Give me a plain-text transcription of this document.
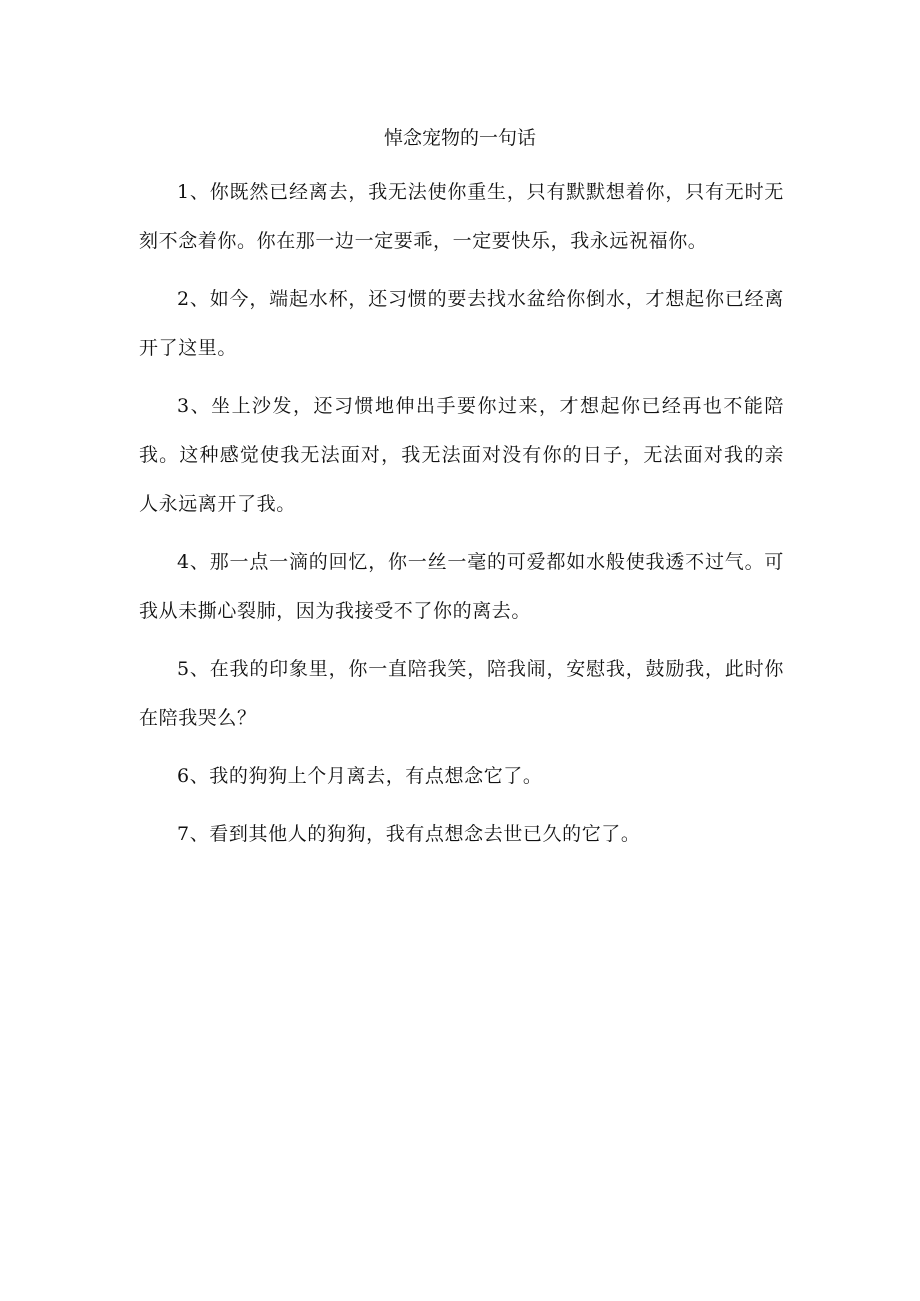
悼念宠物的一句话

1、你既然已经离去，我无法使你重生，只有默默想着你，只有无时无刻不念着你。你在那一边一定要乖，一定要快乐，我永远祝福你。

2、如今，端起水杯，还习惯的要去找水盆给你倒水，才想起你已经离开了这里。

3、坐上沙发，还习惯地伸出手要你过来，才想起你已经再也不能陪我。这种感觉使我无法面对，我无法面对没有你的日子，无法面对我的亲人永远离开了我。

4、那一点一滴的回忆，你一丝一毫的可爱都如水般使我透不过气。可我从未撕心裂肺，因为我接受不了你的离去。

5、在我的印象里，你一直陪我笑，陪我闹，安慰我，鼓励我，此时你在陪我哭么？

6、我的狗狗上个月离去，有点想念它了。

7、看到其他人的狗狗，我有点想念去世已久的它了。
